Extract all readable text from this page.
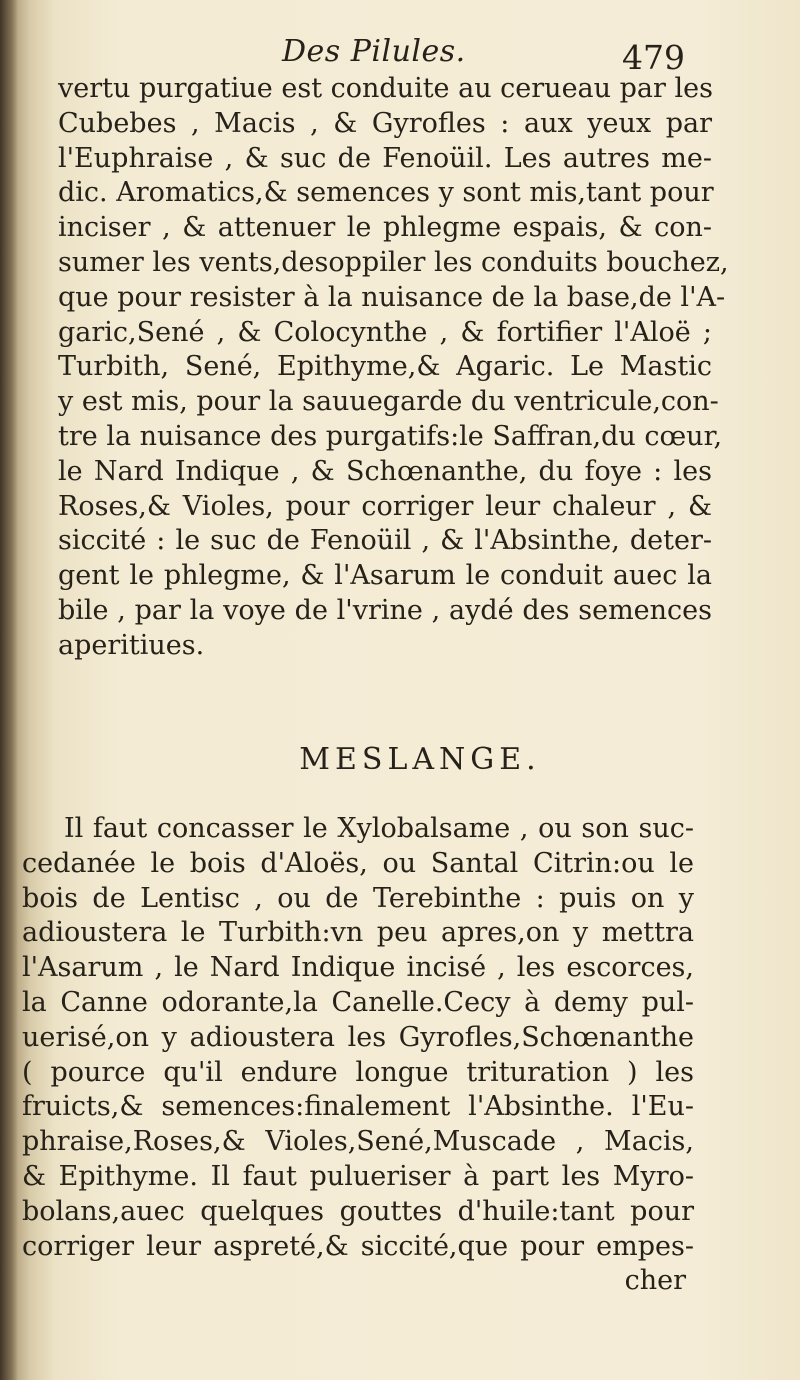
Des Pilules.	479
vertu purgatiue est conduite au cerueau par les
Cubebes , Macis , & Gyrofles : aux yeux par
l'Euphraise , & suc de Fenoüil. Les autres me-
dic. Aromatics,& semences y sont mis,tant pour
inciser , & attenuer le phlegme espais, & con-
sumer les vents,desoppiler les conduits bouchez,
que pour resister à la nuisance de la base,de l'A-
garic,Sené , & Colocynthe , & fortifier l'Aloë ;
Turbith, Sené, Epithyme,& Agaric. Le Mastic
y est mis, pour la sauuegarde du ventricule,con-
tre la nuisance des purgatifs:le Saffran,du cœur,
le Nard Indique , & Schœnanthe, du foye : les
Roses,& Violes, pour corriger leur chaleur , &
siccité : le suc de Fenoüil , & l'Absinthe, deter-
gent le phlegme, & l'Asarum le conduit auec la
bile , par la voye de l'vrine , aydé des semences
aperitiues.
MESLANGE.
Il faut concasser le Xylobalsame , ou son suc-
cedanée le bois d'Aloës, ou Santal Citrin:ou le
bois de Lentisc , ou de Terebinthe : puis on y
adioustera le Turbith:vn peu apres,on y mettra
l'Asarum , le Nard Indique incisé , les escorces,
la Canne odorante,la Canelle.Cecy à demy pul-
uerisé,on y adioustera les Gyrofles,Schœnanthe
( pource qu'il endure longue trituration ) les
fruicts,& semences:finalement l'Absinthe. l'Eu-
phraise,Roses,& Violes,Sené,Muscade , Macis,
& Epithyme. Il faut pulueriser à part les Myro-
bolans,auec quelques gouttes d'huile:tant pour
corriger leur aspreté,& siccité,que pour empes-
cher
